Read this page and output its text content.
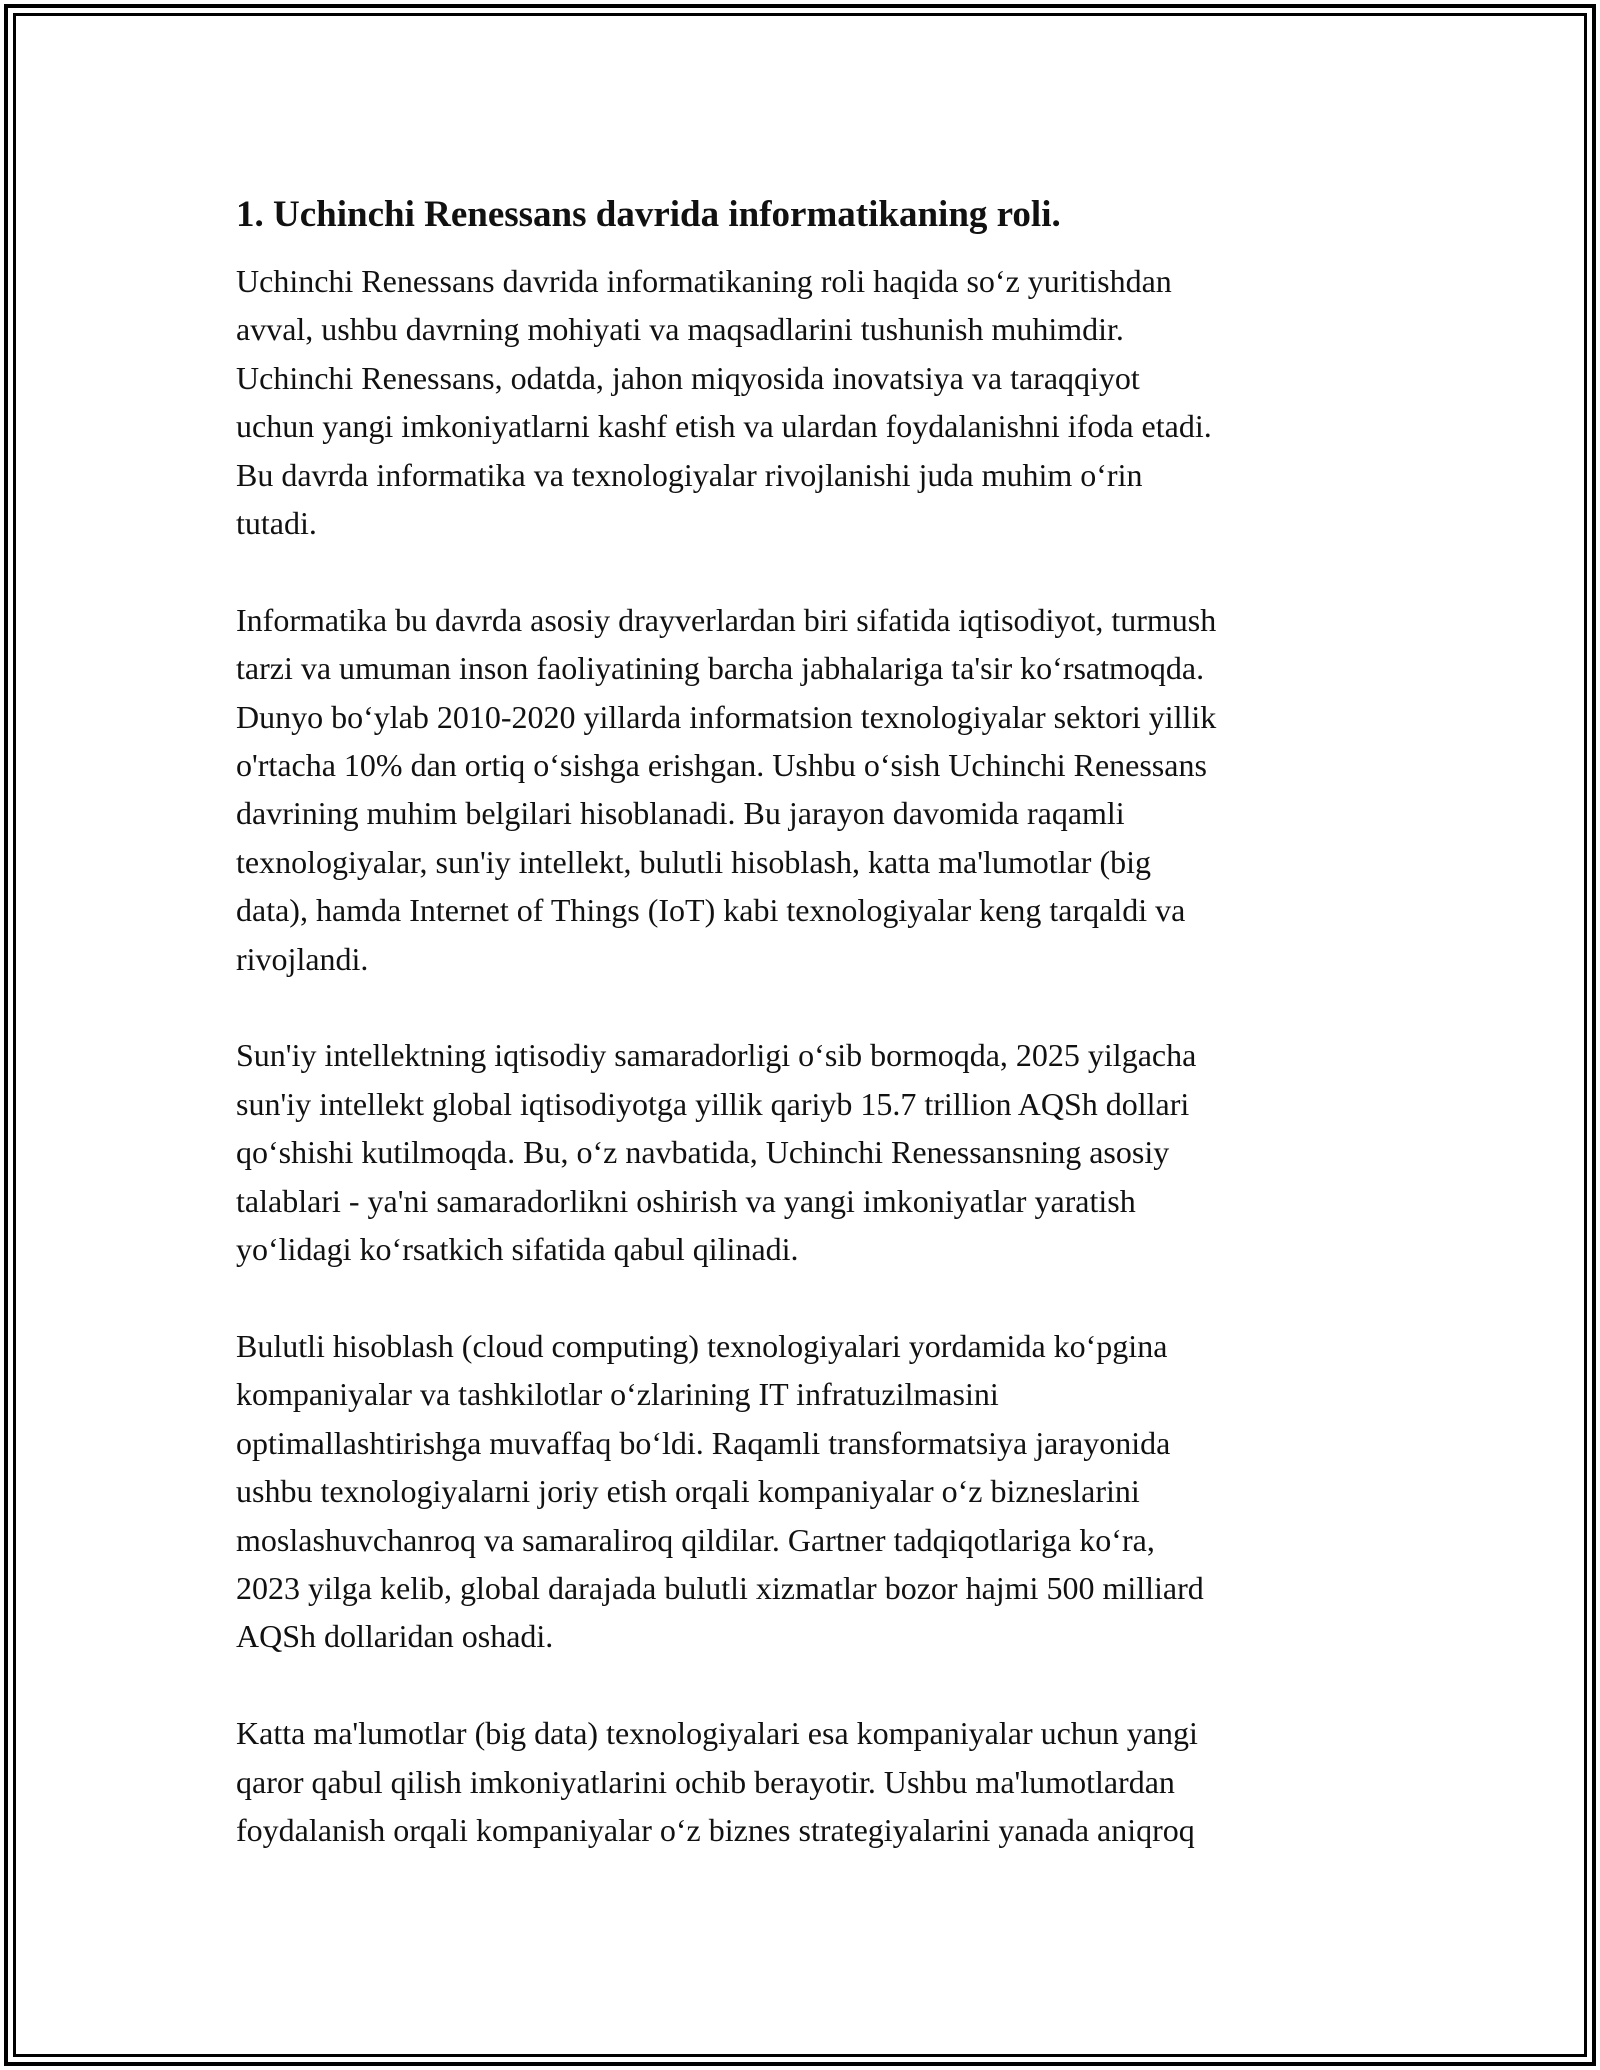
1. Uchinchi Renessans davrida informatikaning roli.

Uchinchi Renessans davrida informatikaning roli haqida so‘z yuritishdan
avval, ushbu davrning mohiyati va maqsadlarini tushunish muhimdir.
Uchinchi Renessans, odatda, jahon miqyosida inovatsiya va taraqqiyot
uchun yangi imkoniyatlarni kashf etish va ulardan foydalanishni ifoda etadi.
Bu davrda informatika va texnologiyalar rivojlanishi juda muhim o‘rin
tutadi.

Informatika bu davrda asosiy drayverlardan biri sifatida iqtisodiyot, turmush
tarzi va umuman inson faoliyatining barcha jabhalariga ta'sir ko‘rsatmoqda.
Dunyo bo‘ylab 2010-2020 yillarda informatsion texnologiyalar sektori yillik
o'rtacha 10% dan ortiq o‘sishga erishgan. Ushbu o‘sish Uchinchi Renessans
davrining muhim belgilari hisoblanadi. Bu jarayon davomida raqamli
texnologiyalar, sun'iy intellekt, bulutli hisoblash, katta ma'lumotlar (big
data), hamda Internet of Things (IoT) kabi texnologiyalar keng tarqaldi va
rivojlandi.

Sun'iy intellektning iqtisodiy samaradorligi o‘sib bormoqda, 2025 yilgacha
sun'iy intellekt global iqtisodiyotga yillik qariyb 15.7 trillion AQSh dollari
qo‘shishi kutilmoqda. Bu, o‘z navbatida, Uchinchi Renessansning asosiy
talablari - ya'ni samaradorlikni oshirish va yangi imkoniyatlar yaratish
yo‘lidagi ko‘rsatkich sifatida qabul qilinadi.

Bulutli hisoblash (cloud computing) texnologiyalari yordamida ko‘pgina
kompaniyalar va tashkilotlar o‘zlarining IT infratuzilmasini
optimallashtirishga muvaffaq bo‘ldi. Raqamli transformatsiya jarayonida
ushbu texnologiyalarni joriy etish orqali kompaniyalar o‘z bizneslarini
moslashuvchanroq va samaraliroq qildilar. Gartner tadqiqotlariga ko‘ra,
2023 yilga kelib, global darajada bulutli xizmatlar bozor hajmi 500 milliard
AQSh dollaridan oshadi.

Katta ma'lumotlar (big data) texnologiyalari esa kompaniyalar uchun yangi
qaror qabul qilish imkoniyatlarini ochib berayotir. Ushbu ma'lumotlardan
foydalanish orqali kompaniyalar o‘z biznes strategiyalarini yanada aniqroq
